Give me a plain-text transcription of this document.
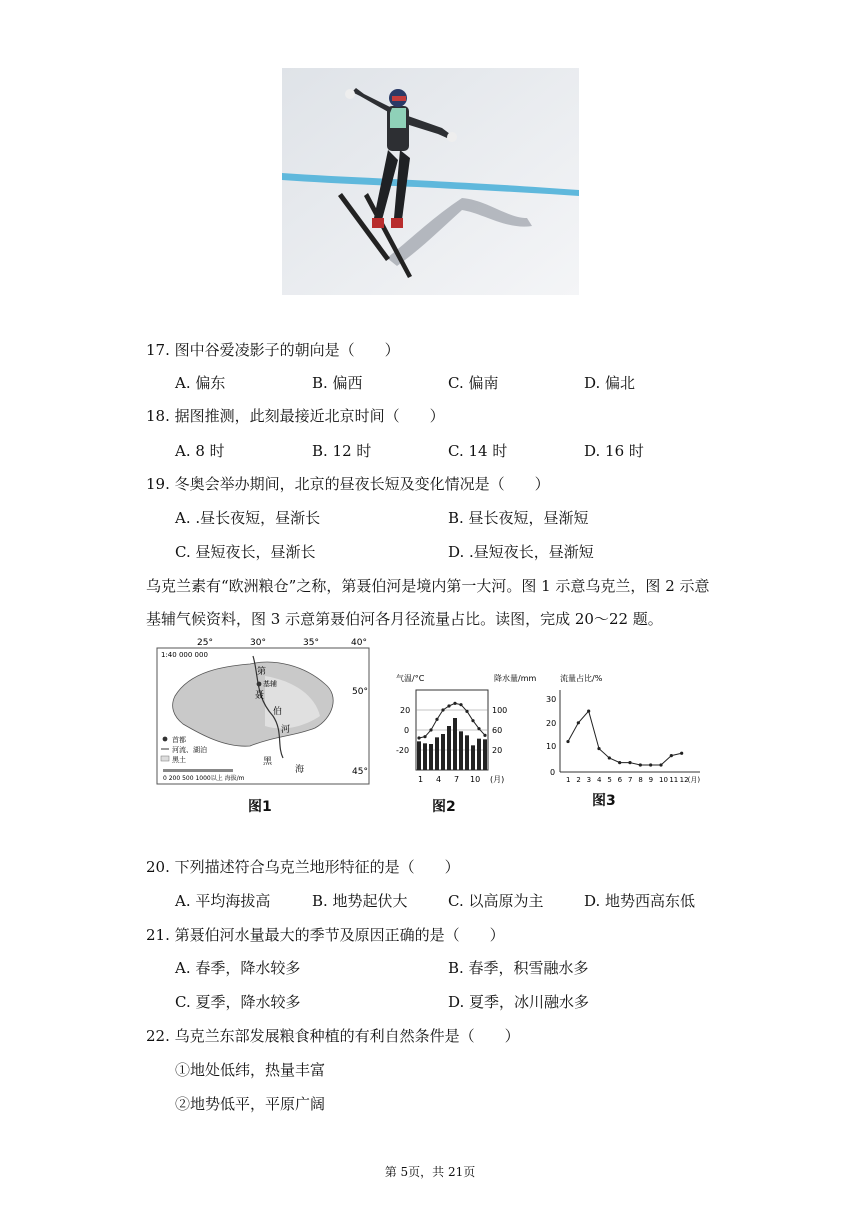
17. 图中谷爱凌影子的朝向是（　　）
A. 偏东	B. 偏西	C. 偏南	D. 偏北
18. 据图推测，此刻最接近北京时间（　　）
A. 8 时	B. 12 时	C. 14 时	D. 16 时
19. 冬奥会举办期间，北京的昼夜长短及变化情况是（　　）
A. .昼长夜短，昼渐长	B. 昼长夜短，昼渐短
C. 昼短夜长，昼渐长	D. .昼短夜长，昼渐短
乌克兰素有“欧洲粮仓”之称，第聂伯河是境内第一大河。图 1 示意乌克兰，图 2 示意
基辅气候资料，图 3 示意第聂伯河各月径流量占比。读图，完成 20～22 题。
25°	30°	35°	40°
1:40 000 000
基辅
第
聂
伯
河
黑
海
50°
45°
首都
河流、湖泊
黑土
0 200 500 1000以上 海拔/m
图1
气温/°C	降水量/mm
20
0
-20
100
60
20
1 4 7 10 (月)
图2
流量占比/%
30
20
10
0
1 2 3 4 5 6 7 8 9 10 11 12 (月)
图3
20. 下列描述符合乌克兰地形特征的是（　　）
A. 平均海拔高	B. 地势起伏大	C. 以高原为主	D. 地势西高东低
21. 第聂伯河水量最大的季节及原因正确的是（　　）
A. 春季，降水较多	B. 春季，积雪融水多
C. 夏季，降水较多	D. 夏季，冰川融水多
22. 乌克兰东部发展粮食种植的有利自然条件是（　　）
①地处低纬，热量丰富
②地势低平，平原广阔
第 5页，共 21页
